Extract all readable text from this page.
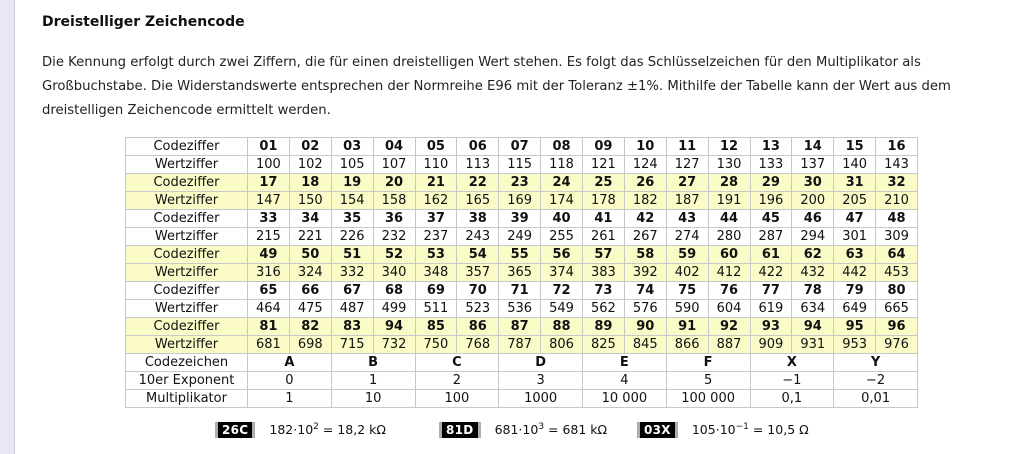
Dreistelliger Zeichencode
Die Kennung erfolgt durch zwei Ziffern, die für einen dreistelligen Wert stehen. Es folgt das Schlüsselzeichen für den Multiplikator als Großbuchstabe. Die Widerstandswerte entsprechen der Normreihe E96 mit der Toleranz ±1%. Mithilfe der Tabelle kann der Wert aus dem dreistelligen Zeichencode ermittelt werden.
Codeziffer	01	02	03	04	05	06	07	08	09	10	11	12	13	14	15	16
Wertziffer	100	102	105	107	110	113	115	118	121	124	127	130	133	137	140	143
Codeziffer	17	18	19	20	21	22	23	24	25	26	27	28	29	30	31	32
Wertziffer	147	150	154	158	162	165	169	174	178	182	187	191	196	200	205	210
Codeziffer	33	34	35	36	37	38	39	40	41	42	43	44	45	46	47	48
Wertziffer	215	221	226	232	237	243	249	255	261	267	274	280	287	294	301	309
Codeziffer	49	50	51	52	53	54	55	56	57	58	59	60	61	62	63	64
Wertziffer	316	324	332	340	348	357	365	374	383	392	402	412	422	432	442	453
Codeziffer	65	66	67	68	69	70	71	72	73	74	75	76	77	78	79	80
Wertziffer	464	475	487	499	511	523	536	549	562	576	590	604	619	634	649	665
Codeziffer	81	82	83	94	85	86	87	88	89	90	91	92	93	94	95	96
Wertziffer	681	698	715	732	750	768	787	806	825	845	866	887	909	931	953	976
Codezeichen	A		B		C		D		E		F		X		Y	
10er Exponent	0		1		2		3		4		5		−1		−2	
Multiplikator	1		10		100		1000		10 000		100 000		0,1		0,01	
26C	$182\cdot 10^2 = 18,2$ kΩ	81D	$681\cdot 10^3 = 681$ kΩ	03X	$105\cdot 10^{-1} = 10,5$ Ω
